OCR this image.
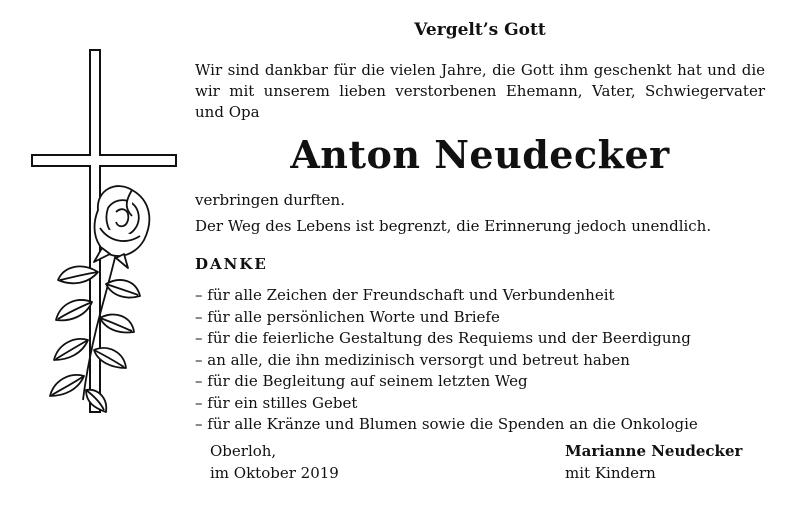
Vergelt’s Gott
Wir sind dankbar für die vielen Jahre, die Gott ihm geschenkt hat und die wir mit unserem lieben verstorbenen Ehemann, Vater, Schwiegervater und Opa
Anton Neudecker
verbringen durften.
Der Weg des Lebens ist begrenzt, die Erinnerung jedoch unendlich.
DANKE
– für alle Zeichen der Freundschaft und Verbundenheit
– für alle persönlichen Worte und Briefe
– für die feierliche Gestaltung des Requiems und der Beerdigung
– an alle, die ihn medizinisch versorgt und betreut haben
– für die Begleitung auf seinem letzten Weg
– für ein stilles Gebet
– für alle Kränze und Blumen sowie die Spenden an die Onkologie
Oberloh,
im Oktober 2019
Marianne Neudecker
mit Kindern
